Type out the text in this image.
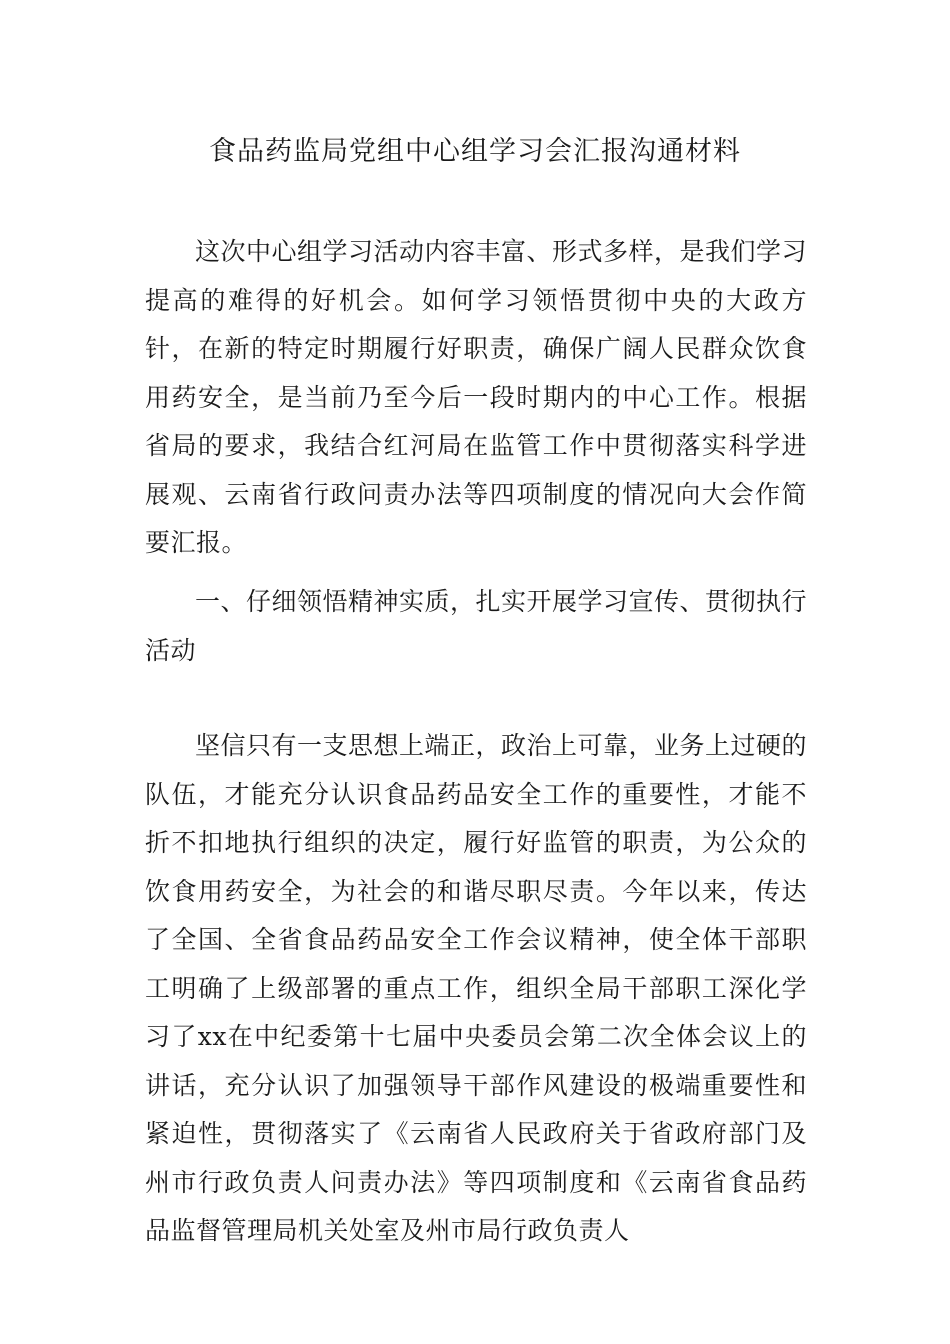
食品药监局党组中心组学习会汇报沟通材料

这次中心组学习活动内容丰富、形式多样，是我们学习提高的难得的好机会。如何学习领悟贯彻中央的大政方针，在新的特定时期履行好职责，确保广阔人民群众饮食用药安全，是当前乃至今后一段时期内的中心工作。根据省局的要求，我结合红河局在监管工作中贯彻落实科学进展观、云南省行政问责办法等四项制度的情况向大会作简要汇报。

一、仔细领悟精神实质，扎实开展学习宣传、贯彻执行活动

坚信只有一支思想上端正，政治上可靠，业务上过硬的队伍，才能充分认识食品药品安全工作的重要性，才能不折不扣地执行组织的决定，履行好监管的职责，为公众的饮食用药安全，为社会的和谐尽职尽责。今年以来，传达了全国、全省食品药品安全工作会议精神，使全体干部职工明确了上级部署的重点工作，组织全局干部职工深化学习了xx在中纪委第十七届中央委员会第二次全体会议上的讲话，充分认识了加强领导干部作风建设的极端重要性和紧迫性，贯彻落实了《云南省人民政府关于省政府部门及州市行政负责人问责办法》等四项制度和《云南省食品药品监督管理局机关处室及州市局行政负责人
